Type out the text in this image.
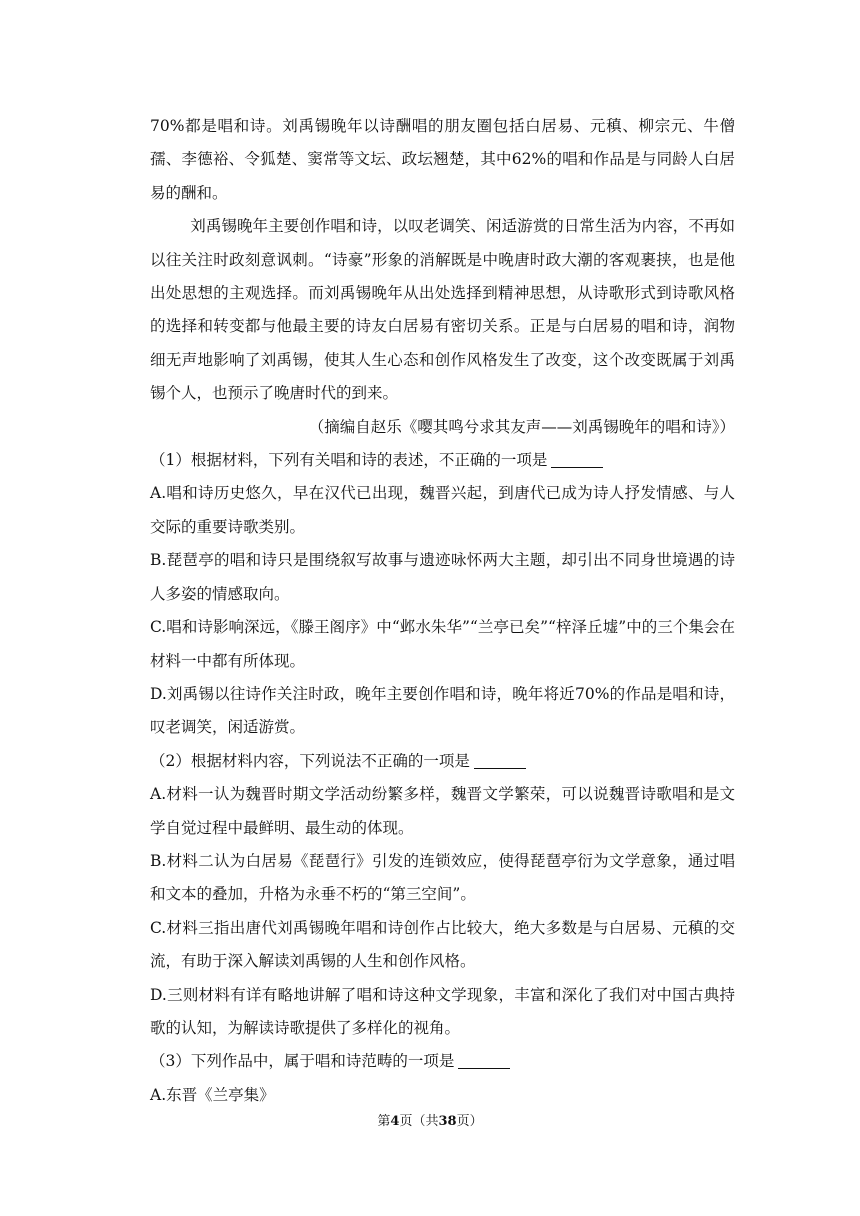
70%都是唱和诗。刘禹锡晚年以诗酬唱的朋友圈包括白居易、元稹、柳宗元、牛僧孺、李德裕、令狐楚、窦常等文坛、政坛翘楚，其中62%的唱和作品是与同龄人白居易的酬和。

刘禹锡晚年主要创作唱和诗，以叹老调笑、闲适游赏的日常生活为内容，不再如以往关注时政刻意讽刺。“诗豪”形象的消解既是中晚唐时政大潮的客观裹挟，也是他出处思想的主观选择。而刘禹锡晚年从出处选择到精神思想，从诗歌形式到诗歌风格的选择和转变都与他最主要的诗友白居易有密切关系。正是与白居易的唱和诗，润物细无声地影响了刘禹锡，使其人生心态和创作风格发生了改变，这个改变既属于刘禹锡个人，也预示了晚唐时代的到来。

（摘编自赵乐《嘤其鸣兮求其友声——刘禹锡晚年的唱和诗》）

（1）根据材料，下列有关唱和诗的表述，不正确的一项是

A.唱和诗历史悠久，早在汉代已出现，魏晋兴起，到唐代已成为诗人抒发情感、与人交际的重要诗歌类别。

B.琵琶亭的唱和诗只是围绕叙写故事与遗迹咏怀两大主题，却引出不同身世境遇的诗人多姿的情感取向。

C.唱和诗影响深远，《滕王阁序》中“邺水朱华”“兰亭已矣”“梓泽丘墟”中的三个集会在材料一中都有所体现。

D.刘禹锡以往诗作关注时政，晚年主要创作唱和诗，晚年将近70%的作品是唱和诗，叹老调笑，闲适游赏。

（2）根据材料内容，下列说法不正确的一项是

A.材料一认为魏晋时期文学活动纷繁多样，魏晋文学繁荣，可以说魏晋诗歌唱和是文学自觉过程中最鲜明、最生动的体现。

B.材料二认为白居易《琵琶行》引发的连锁效应，使得琵琶亭衍为文学意象，通过唱和文本的叠加，升格为永垂不朽的“第三空间”。

C.材料三指出唐代刘禹锡晚年唱和诗创作占比较大，绝大多数是与白居易、元稹的交流，有助于深入解读刘禹锡的人生和创作风格。

D.三则材料有详有略地讲解了唱和诗这种文学现象，丰富和深化了我们对中国古典持歌的认知，为解读诗歌提供了多样化的视角。

（3）下列作品中，属于唱和诗范畴的一项是

A.东晋《兰亭集》

第4页（共38页）
